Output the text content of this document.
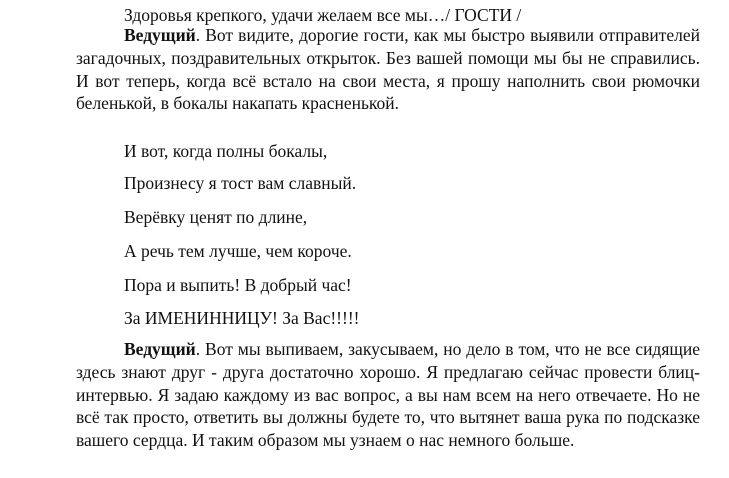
Здоровья крепкого, удачи желаем все мы…/ ГОСТИ /

Ведущий. Вот видите, дорогие гости, как мы быстро выявили отправителей загадочных, поздравительных открыток. Без вашей помощи мы бы не справились. И вот теперь, когда всё встало на свои места, я прошу наполнить свои рюмочки беленькой, в бокалы накапать красненькой.

И вот, когда полны бокалы,
Произнесу я тост вам славный.
Верёвку ценят по длине,
А речь тем лучше, чем короче.
Пора и выпить! В добрый час!
За ИМЕНИННИЦУ! За Вас!!!!!

Ведущий. Вот мы выпиваем, закусываем, но дело в том, что не все сидящие здесь знают друг - друга достаточно хорошо. Я предлагаю сейчас провести блиц-интервью. Я задаю каждому из вас вопрос, а вы нам всем на него отвечаете. Но не всё так просто, ответить вы должны будете то, что вытянет ваша рука по подсказке вашего сердца. И таким образом мы узнаем о нас немного больше.
